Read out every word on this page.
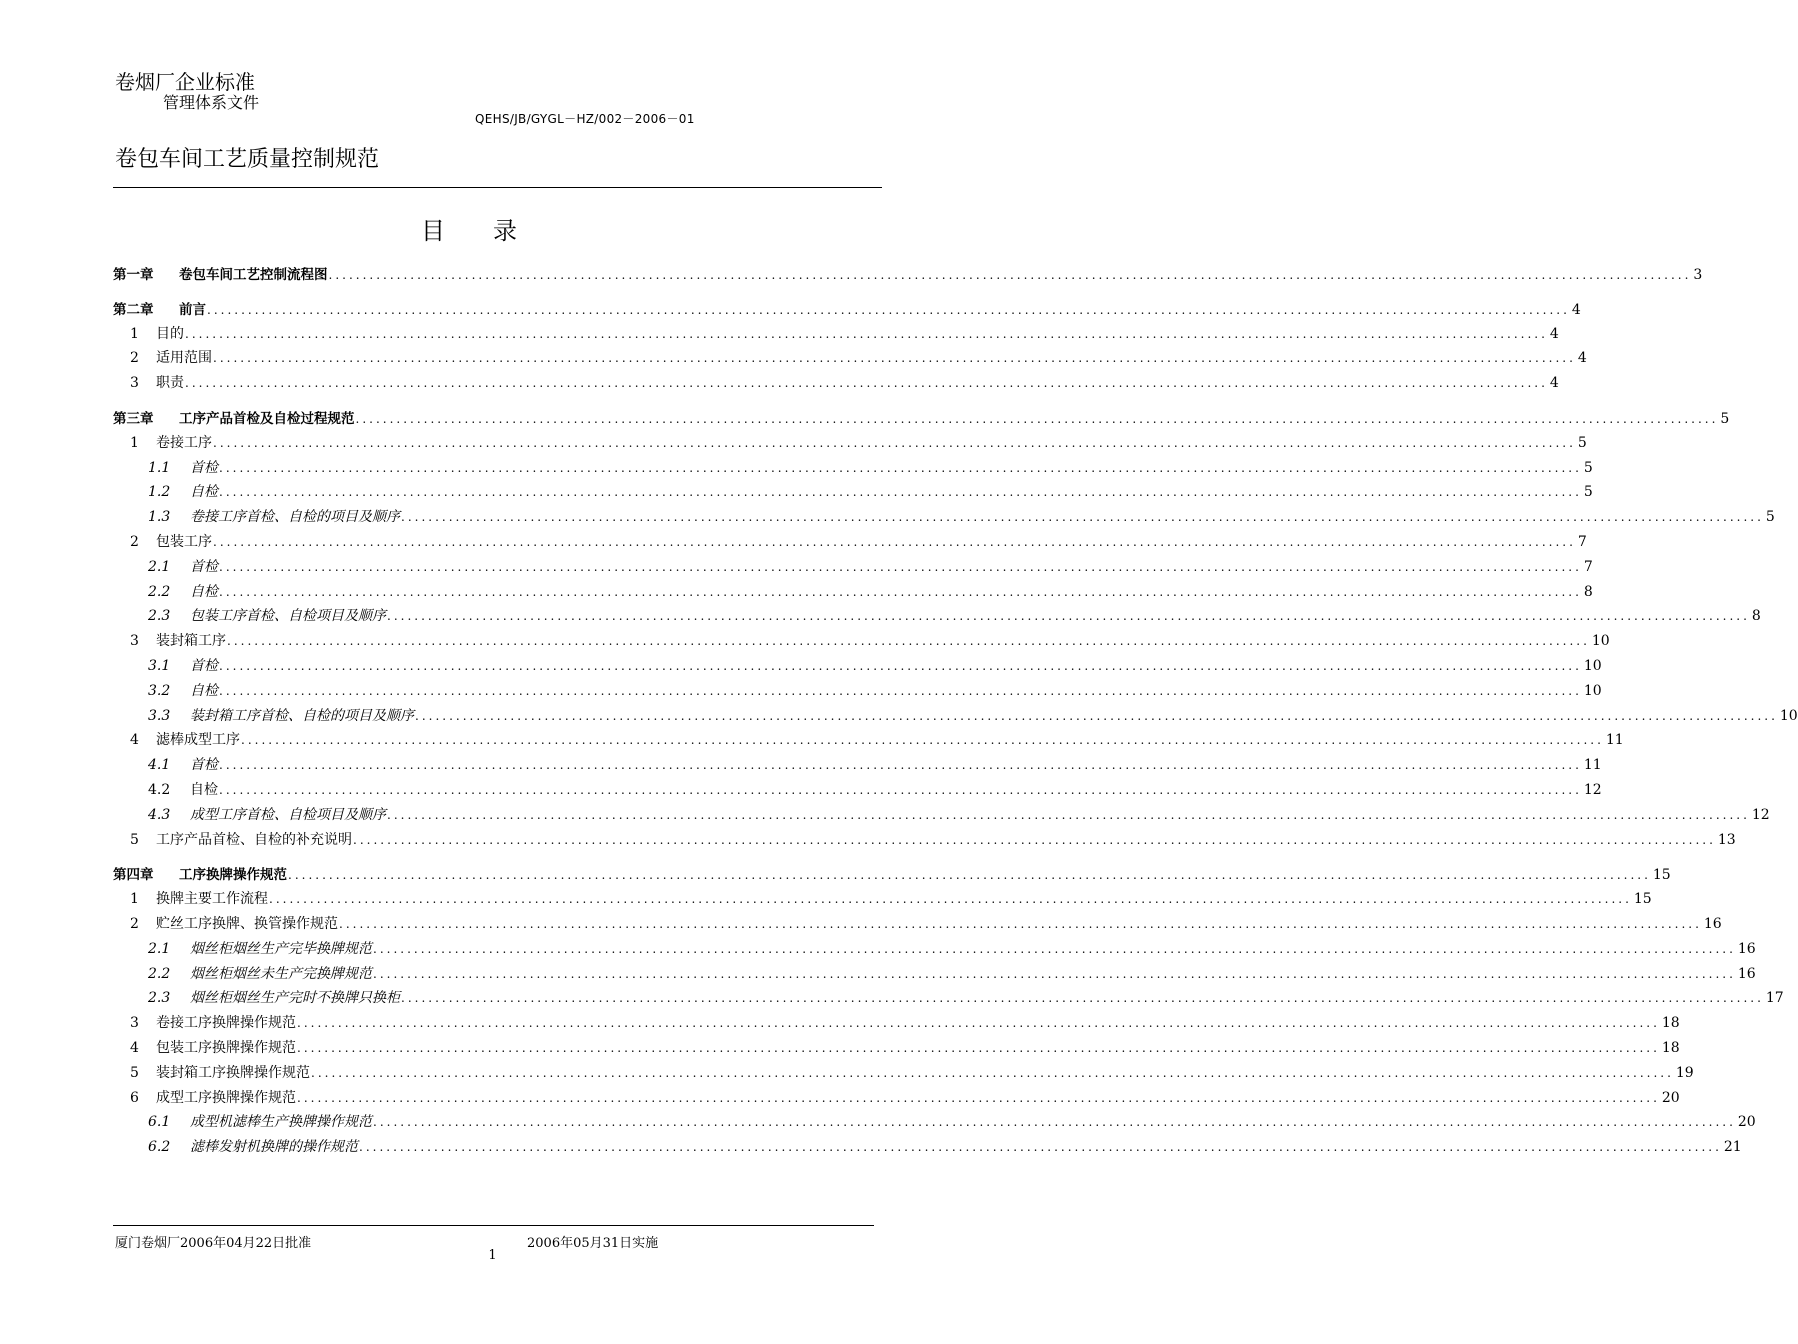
卷烟厂企业标准
管理体系文件
QEHS/JB/GYGL－HZ/002－2006－01
卷包车间工艺质量控制规范
目录
第一章	卷包车间工艺控制流程图 ........................................................................................................................................................................................................ 3
第二章	前言 ........................................................................................................................................................................................................ 4
1	目的 ........................................................................................................................................................................................................ 4
2	适用范围 ........................................................................................................................................................................................................ 4
3	职责 ........................................................................................................................................................................................................ 4
第三章	工序产品首检及自检过程规范 ........................................................................................................................................................................................................ 5
1	卷接工序 ........................................................................................................................................................................................................ 5
1.1	首检 ........................................................................................................................................................................................................ 5
1.2	自检 ........................................................................................................................................................................................................ 5
1.3	卷接工序首检、自检的项目及顺序 ........................................................................................................................................................................................................ 5
2	包装工序 ........................................................................................................................................................................................................ 7
2.1	首检 ........................................................................................................................................................................................................ 7
2.2	自检 ........................................................................................................................................................................................................ 8
2.3	包装工序首检、自检项目及顺序 ........................................................................................................................................................................................................ 8
3	装封箱工序 ........................................................................................................................................................................................................ 10
3.1	首检 ........................................................................................................................................................................................................ 10
3.2	自检 ........................................................................................................................................................................................................ 10
3.3	装封箱工序首检、自检的项目及顺序 ........................................................................................................................................................................................................ 10
4	滤棒成型工序 ........................................................................................................................................................................................................ 11
4.1	首检 ........................................................................................................................................................................................................ 11
4.2	自检 ........................................................................................................................................................................................................ 12
4.3	成型工序首检、自检项目及顺序 ........................................................................................................................................................................................................ 12
5	工序产品首检、自检的补充说明 ........................................................................................................................................................................................................ 13
第四章	工序换牌操作规范 ........................................................................................................................................................................................................ 15
1	换牌主要工作流程 ........................................................................................................................................................................................................ 15
2	贮丝工序换牌、换管操作规范 ........................................................................................................................................................................................................ 16
2.1	烟丝柜烟丝生产完毕换牌规范 ........................................................................................................................................................................................................ 16
2.2	烟丝柜烟丝未生产完换牌规范 ........................................................................................................................................................................................................ 16
2.3	烟丝柜烟丝生产完时不换牌只换柜 ........................................................................................................................................................................................................ 17
3	卷接工序换牌操作规范 ........................................................................................................................................................................................................ 18
4	包装工序换牌操作规范 ........................................................................................................................................................................................................ 18
5	装封箱工序换牌操作规范 ........................................................................................................................................................................................................ 19
6	成型工序换牌操作规范 ........................................................................................................................................................................................................ 20
6.1	成型机滤棒生产换牌操作规范 ........................................................................................................................................................................................................ 20
6.2	滤棒发射机换牌的操作规范 ........................................................................................................................................................................................................ 21
厦门卷烟厂2006年04月22日批准	2006年05月31日实施
1
